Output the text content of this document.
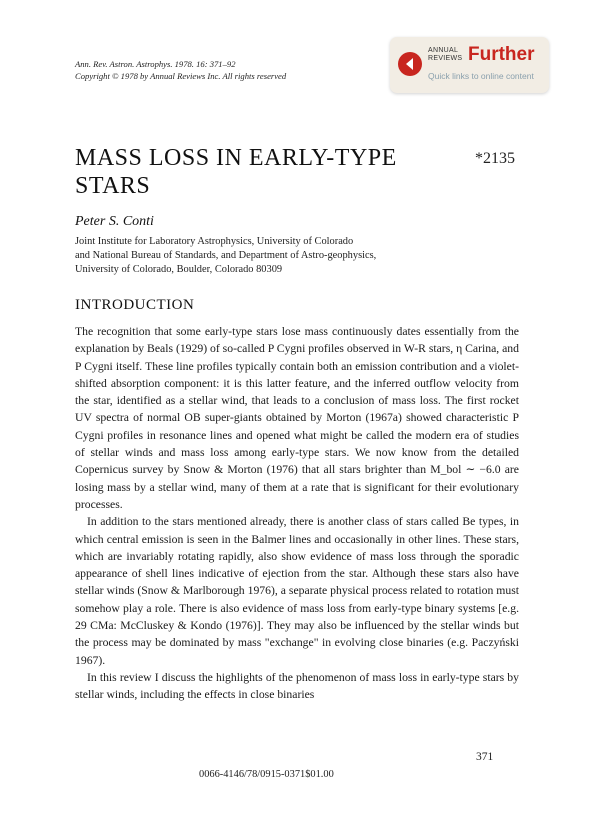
Ann. Rev. Astron. Astrophys. 1978. 16: 371–92
Copyright © 1978 by Annual Reviews Inc. All rights reserved
ANNUAL
REVIEWS Further
Quick links to online content
MASS LOSS IN EARLY-TYPE
STARS
*2135
Peter S. Conti
Joint Institute for Laboratory Astrophysics, University of Colorado
and National Bureau of Standards, and Department of Astro-geophysics,
University of Colorado, Boulder, Colorado 80309
INTRODUCTION

The recognition that some early-type stars lose mass continuously dates essentially from the explanation by Beals (1929) of so-called P Cygni profiles observed in W-R stars, η Carina, and P Cygni itself. These line profiles typically contain both an emission contribution and a violet-shifted absorption component: it is this latter feature, and the inferred outflow velocity from the star, identified as a stellar wind, that leads to a conclusion of mass loss. The first rocket UV spectra of normal OB super-giants obtained by Morton (1967a) showed characteristic P Cygni profiles in resonance lines and opened what might be called the modern era of studies of stellar winds and mass loss among early-type stars. We now know from the detailed Copernicus survey by Snow & Morton (1976) that all stars brighter than M_bol ∼ −6.0 are losing mass by a stellar wind, many of them at a rate that is significant for their evolutionary processes.

In addition to the stars mentioned already, there is another class of stars called Be types, in which central emission is seen in the Balmer lines and occasionally in other lines. These stars, which are invariably rotating rapidly, also show evidence of mass loss through the sporadic appearance of shell lines indicative of ejection from the star. Although these stars also have stellar winds (Snow & Marlborough 1976), a separate physical process related to rotation must somehow play a role. There is also evidence of mass loss from early-type binary systems [e.g. 29 CMa: McCluskey & Kondo (1976)]. They may also be influenced by the stellar winds but the process may be dominated by mass "exchange" in evolving close binaries (e.g. Paczyński 1967).

In this review I discuss the highlights of the phenomenon of mass loss in early-type stars by stellar winds, including the effects in close binaries

371
0066-4146/78/0915-0371$01.00
